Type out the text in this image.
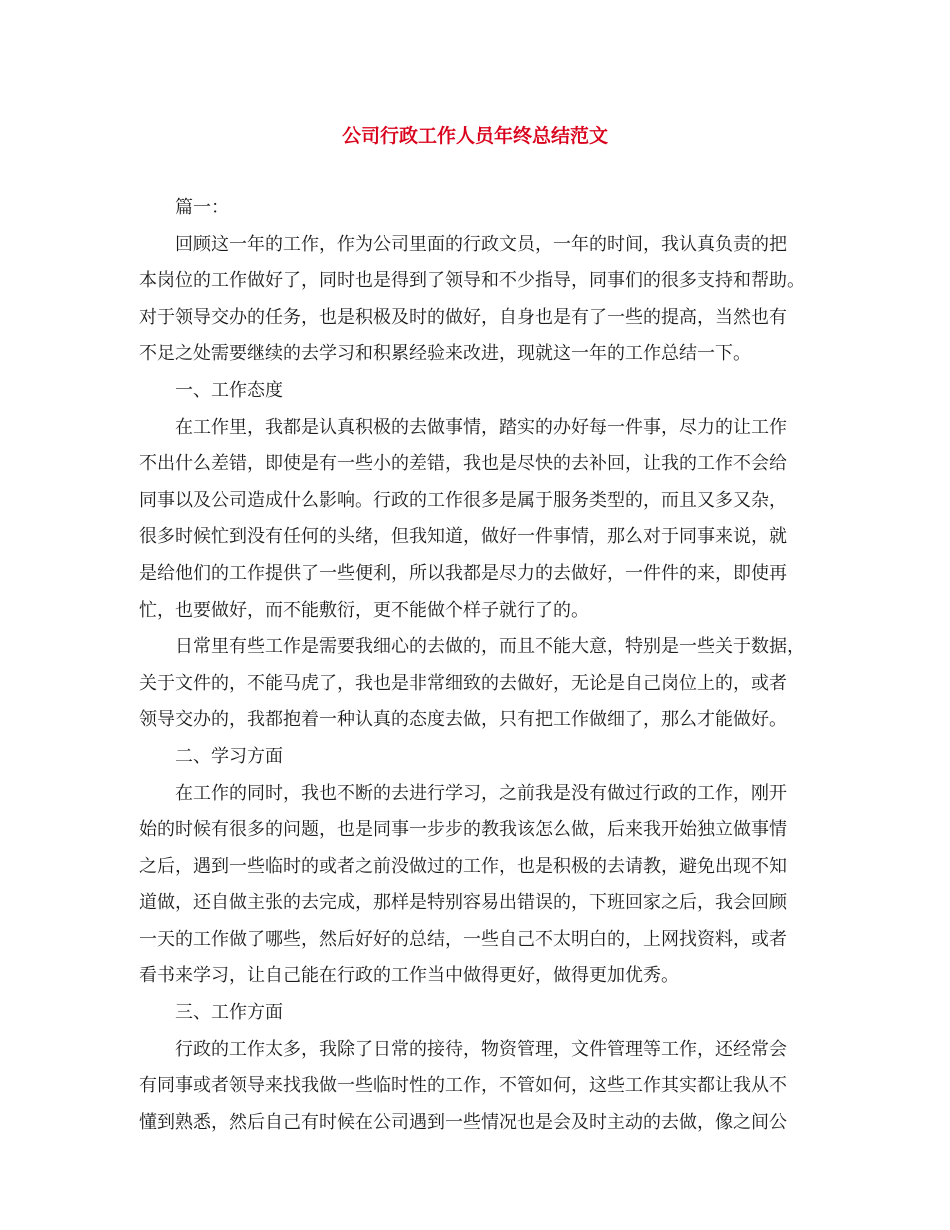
公司行政工作人员年终总结范文
篇一：
回顾这一年的工作，作为公司里面的行政文员，一年的时间，我认真负责的把
本岗位的工作做好了，同时也是得到了领导和不少指导，同事们的很多支持和帮助。
对于领导交办的任务，也是积极及时的做好，自身也是有了一些的提高，当然也有
不足之处需要继续的去学习和积累经验来改进，现就这一年的工作总结一下。
一、工作态度
在工作里，我都是认真积极的去做事情，踏实的办好每一件事，尽力的让工作
不出什么差错，即使是有一些小的差错，我也是尽快的去补回，让我的工作不会给
同事以及公司造成什么影响。行政的工作很多是属于服务类型的，而且又多又杂，
很多时候忙到没有任何的头绪，但我知道，做好一件事情，那么对于同事来说，就
是给他们的工作提供了一些便利，所以我都是尽力的去做好，一件件的来，即使再
忙，也要做好，而不能敷衍，更不能做个样子就行了的。
日常里有些工作是需要我细心的去做的，而且不能大意，特别是一些关于数据，
关于文件的，不能马虎了，我也是非常细致的去做好，无论是自己岗位上的，或者
领导交办的，我都抱着一种认真的态度去做，只有把工作做细了，那么才能做好。
二、学习方面
在工作的同时，我也不断的去进行学习，之前我是没有做过行政的工作，刚开
始的时候有很多的问题，也是同事一步步的教我该怎么做，后来我开始独立做事情
之后，遇到一些临时的或者之前没做过的工作，也是积极的去请教，避免出现不知
道做，还自做主张的去完成，那样是特别容易出错误的，下班回家之后，我会回顾
一天的工作做了哪些，然后好好的总结，一些自己不太明白的，上网找资料，或者
看书来学习，让自己能在行政的工作当中做得更好，做得更加优秀。
三、工作方面
行政的工作太多，我除了日常的接待，物资管理，文件管理等工作，还经常会
有同事或者领导来找我做一些临时性的工作，不管如何，这些工作其实都让我从不
懂到熟悉，然后自己有时候在公司遇到一些情况也是会及时主动的去做，像之间公
